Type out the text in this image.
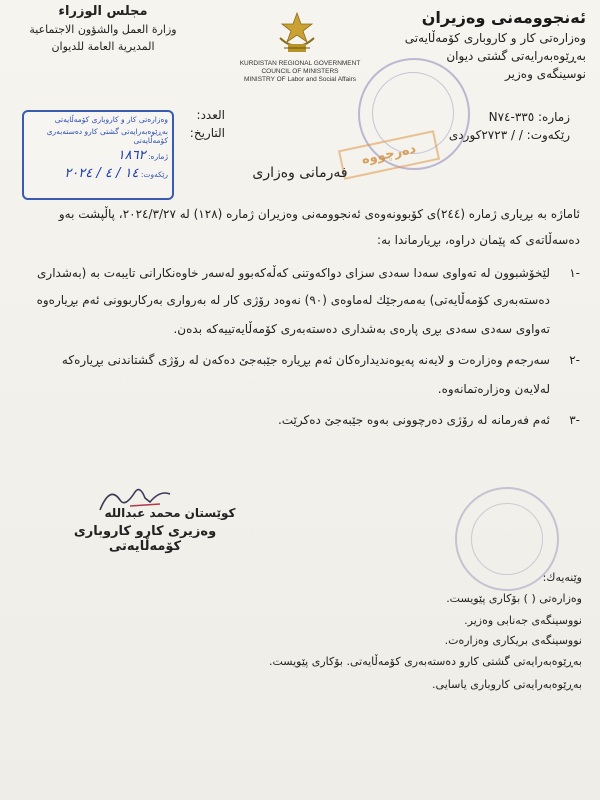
ئەنجوومەنی وەزیران
وەزارەتی كار و كاروباری كۆمەڵایەتی
بەڕێوەبەرایەتی گشتی دیوان
نوسینگەی وەزیر
مجلس الوزراء
وزارة العمل والشؤون الاجتماعية
المديرية العامة للديوان
KURDISTAN REGIONAL GOVERNMENT
COUNCIL OF MINISTERS
MINISTRY OF Labor and Social Affairs
دەرچووە
زمارە: ٣٣٥-N٧٤
رێكەوت: / / ٢٧٢٣كوردی
العدد:
التاريخ:
وەزارەتی كار و كاروباری كۆمەڵایەتی
بەڕێوەبەرایەتی گشتی كارو دەستەبەری كۆمەڵایەتی
ژمارە: ١٨٦٢
رێكەوت: ١٤ / ٤ / ٢٠٢٤	فەرمانی وەزاری
ئاماژە بە بڕیاری ژمارە (٢٤٤)ی كۆبوونەوەی ئەنجوومەنی وەزیران ژمارە (١٢٨) لە ٢٠٢٤/٣/٢٧، پاڵپشت بەو
دەسەڵاتەی كە پێمان دراوە، بڕیارماندا بە:
-١
لێخۆشبوون لە تەواوی سەدا سەدی سزای دواكەوتنی كەڵەكەبوو لەسەر خاوەنكارانی تایبەت بە (بەشداری
دەستەبەری كۆمەڵایەتی) بەمەرجێك لەماوەی (٩٠) نەوەد رۆژی كار لە بەرواری بەركاربوونی ئەم بڕیارەوە
تەواوی سەدی سەدی بڕی پارەی بەشداری دەستەبەری كۆمەڵایەتییەكە بدەن.
-٢
سەرجەم وەزارەت و لایەنە پەیوەندیدارەكان ئەم بڕیارە جێبەجێ دەكەن لە رۆژی گشتاندنی بڕیارەكە
لەلایەن وەزارەتمانەوە.
-٣
ئەم فەرمانە لە رۆژی دەرچوونی بەوە جێبەجێ دەكرێت.
كوێستان محمد عبدالله
وەزیری كارو كاروباری كۆمەڵایەتی
وێنەیەك:
وەزارەتی ( ) بۆكاری پێویست.
نووسینگەی جەنابی وەزیر.
نووسینگەی بریكاری وەزارەت.
بەڕێوەبەرایەتی گشتی كارو دەستەبەری كۆمەڵایەتی. بۆكاری پێویست.
بەڕێوەبەرایەتی كاروباری یاسایی.
